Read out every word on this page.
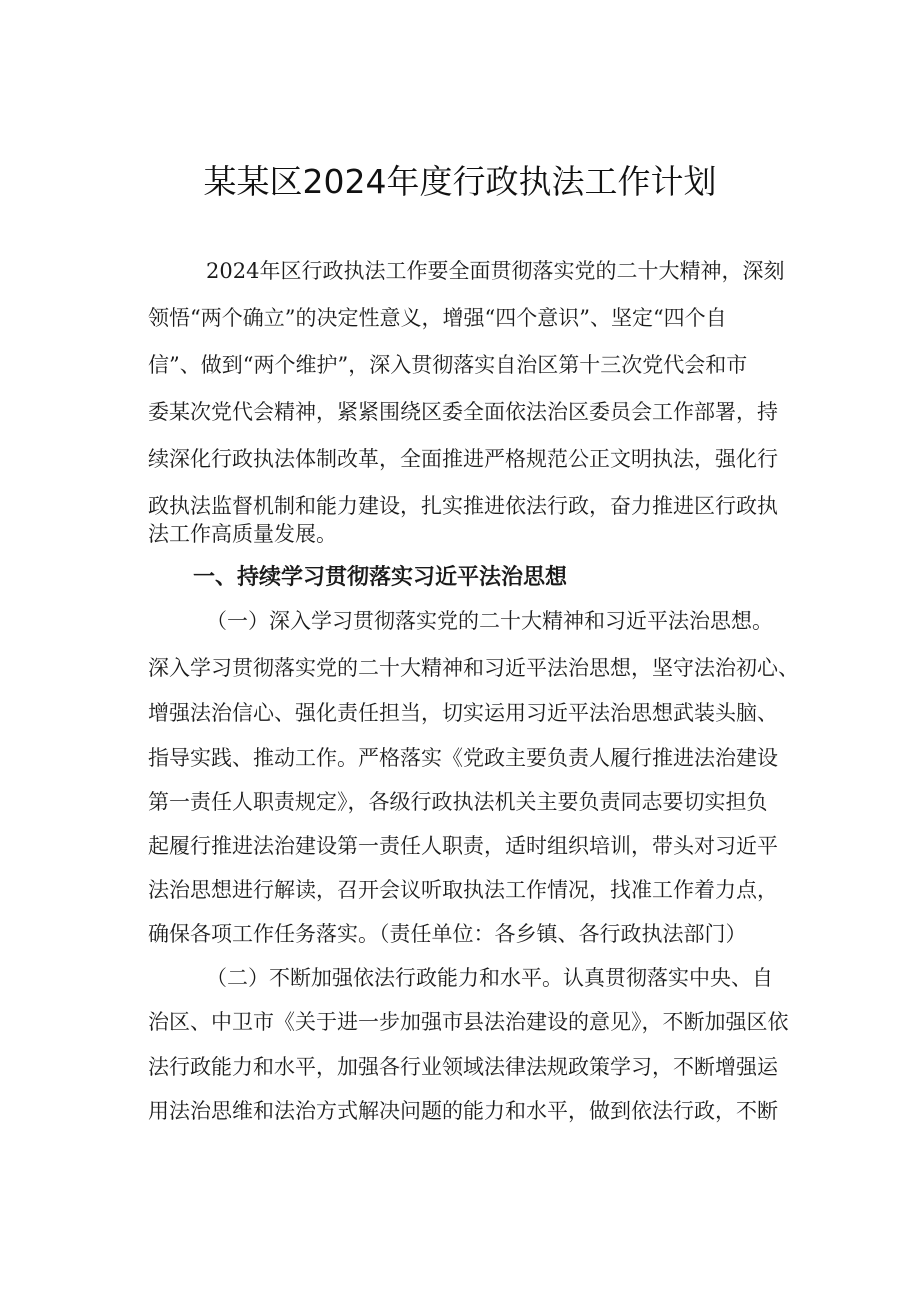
某某区2024年度行政执法工作计划

2024年区行政执法工作要全面贯彻落实党的二十大精神，深刻

领悟“两个确立”的决定性意义，增强“四个意识”、坚定“四个自

信”、做到“两个维护”，深入贯彻落实自治区第十三次党代会和市

委某次党代会精神，紧紧围绕区委全面依法治区委员会工作部署，持

续深化行政执法体制改革，全面推进严格规范公正文明执法，强化行

政执法监督机制和能力建设，扎实推进依法行政，奋力推进区行政执

法工作高质量发展。

一、持续学习贯彻落实习近平法治思想

（一）深入学习贯彻落实党的二十大精神和习近平法治思想。

深入学习贯彻落实党的二十大精神和习近平法治思想，坚守法治初心、

增强法治信心、强化责任担当，切实运用习近平法治思想武装头脑、

指导实践、推动工作。严格落实《党政主要负责人履行推进法治建设

第一责任人职责规定》，各级行政执法机关主要负责同志要切实担负

起履行推进法治建设第一责任人职责，适时组织培训，带头对习近平

法治思想进行解读，召开会议听取执法工作情况，找准工作着力点，

确保各项工作任务落实。（责任单位：各乡镇、各行政执法部门）

（二）不断加强依法行政能力和水平。认真贯彻落实中央、自

治区、中卫市《关于进一步加强市县法治建设的意见》，不断加强区依

法行政能力和水平，加强各行业领域法律法规政策学习，不断增强运

用法治思维和法治方式解决问题的能力和水平，做到依法行政，不断
